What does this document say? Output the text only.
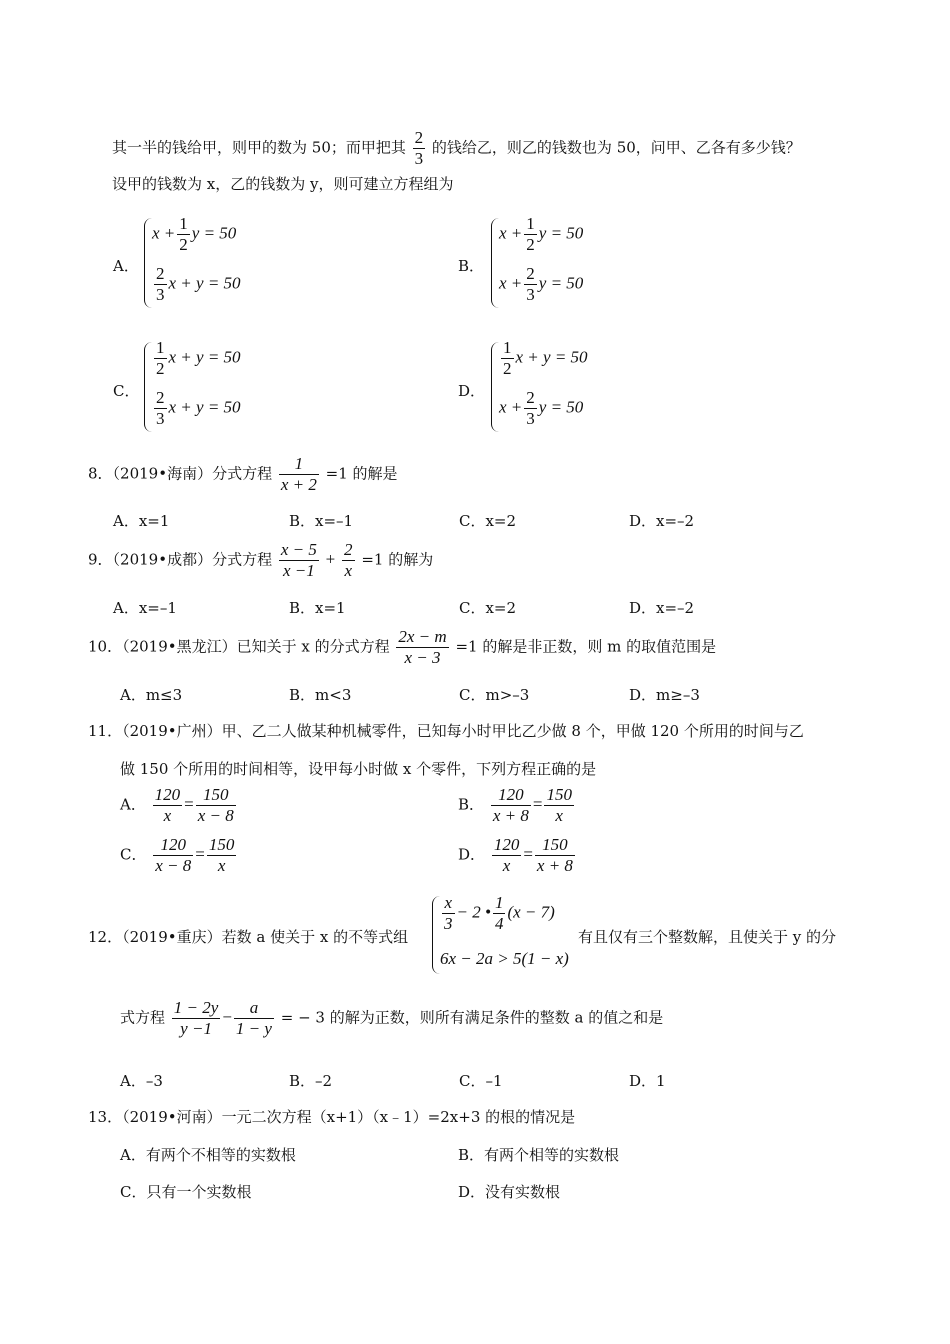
其一半的钱给甲，则甲的数为 50；而甲把其 $\frac{2}{3}$ 的钱给乙，则乙的钱数也为 50，问甲、乙各有多少钱？
设甲的钱数为 x，乙的钱数为 y，则可建立方程组为
A．
$x + \frac{1}{2}$ y = 50
$\frac{2}{3}$ x + y = 50
B．
$x + \frac{1}{2}$ y = 50
$x + \frac{2}{3}$ y = 50
C．
$\frac{1}{2}$ x + y = 50
$\frac{2}{3}$ x + y = 50
D．
$\frac{1}{2}$ x + y = 50
$x + \frac{2}{3}$ y = 50
8．（2019•海南）分式方程 $\frac{1}{x + 2} =1$ 的解是
A．x=1	B．x=–1	C．x=2	D．x=–2
9．（2019•成都）分式方程 $\frac{x - 5}{x -1} + \frac{2}{x} =1$ 的解为
A．x=–1	B．x=1	C．x=2	D．x=–2
10．（2019•黑龙江）已知关于 x 的分式方程 $\frac{2x - m}{x - 3} =1$ 的解是非正数，则 m 的取值范围是
A．m≤3	B．m<3	C．m>–3	D．m≥–3
11．（2019•广州）甲、乙二人做某种机械零件，已知每小时甲比乙少做 8 个，甲做 120 个所用的时间与乙
做 150 个所用的时间相等，设甲每小时做 x 个零件，下列方程正确的是
A． $\frac{120}{x} = \frac{150}{x - 8}$	B． $\frac{120}{x + 8} = \frac{150}{x}$
C． $\frac{120}{x - 8} = \frac{150}{x}$	D． $\frac{120}{x} = \frac{150}{x + 8}$
12．（2019•重庆）若数 a 使关于 x 的不等式组
$\frac{x}{3} - 2$ • $\frac{1}{4} (x - 7)$
6x − 2a > 5(1 − x)
有且仅有三个整数解，且使关于 y 的分
式方程 $\frac{1 - 2y}{y -1} - \frac{a}{1 - y}$ = − 3 的解为正数，则所有满足条件的整数 a 的值之和是
A．–3	B．–2	C．–1	D．1
13．（2019•河南）一元二次方程（x+1）（x﹣1）=2x+3 的根的情况是
A．有两个不相等的实数根	B．有两个相等的实数根
C．只有一个实数根	D．没有实数根
